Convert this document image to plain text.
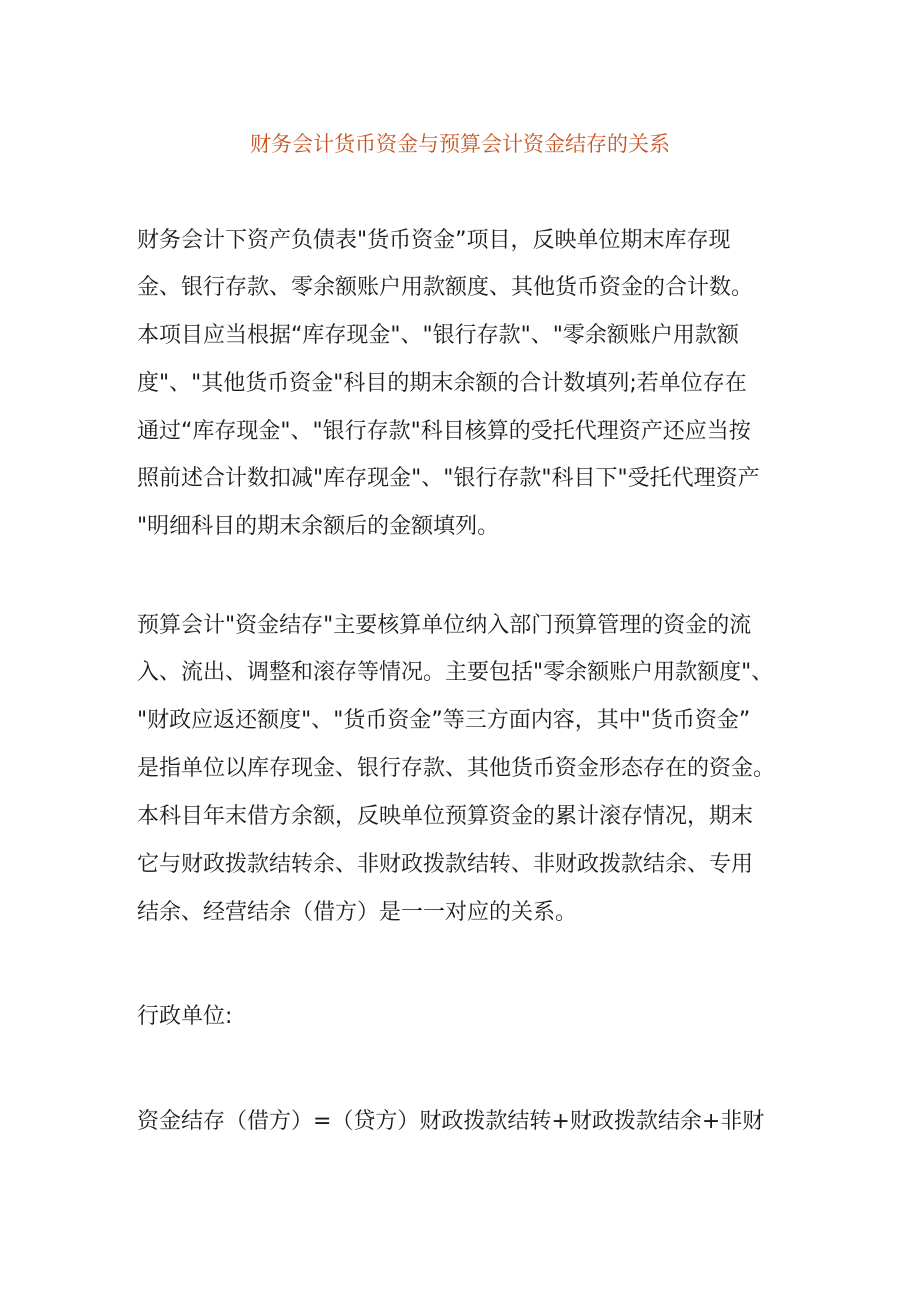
财务会计货币资金与预算会计资金结存的关系
财务会计下资产负债表"货币资金”项目，反映单位期末库存现
金、银行存款、零余额账户用款额度、其他货币资金的合计数。
本项目应当根据“库存现金"、"银行存款"、"零余额账户用款额
度"、"其他货币资金"科目的期末余额的合计数填列;若单位存在
通过“库存现金"、"银行存款"科目核算的受托代理资产还应当按
照前述合计数扣减"库存现金"、"银行存款"科目下"受托代理资产
"明细科目的期末余额后的金额填列。
预算会计"资金结存"主要核算单位纳入部门预算管理的资金的流
入、流出、调整和滚存等情况。主要包括"零余额账户用款额度"、
"财政应返还额度"、"货币资金”等三方面内容，其中"货币资金”
是指单位以库存现金、银行存款、其他货币资金形态存在的资金。
本科目年末借方余额，反映单位预算资金的累计滚存情况，期末
它与财政拨款结转余、非财政拨款结转、非财政拨款结余、专用
结余、经营结余（借方）是一一对应的关系。
行政单位:
资金结存（借方）=（贷方）财政拨款结转+财政拨款结余+非财
